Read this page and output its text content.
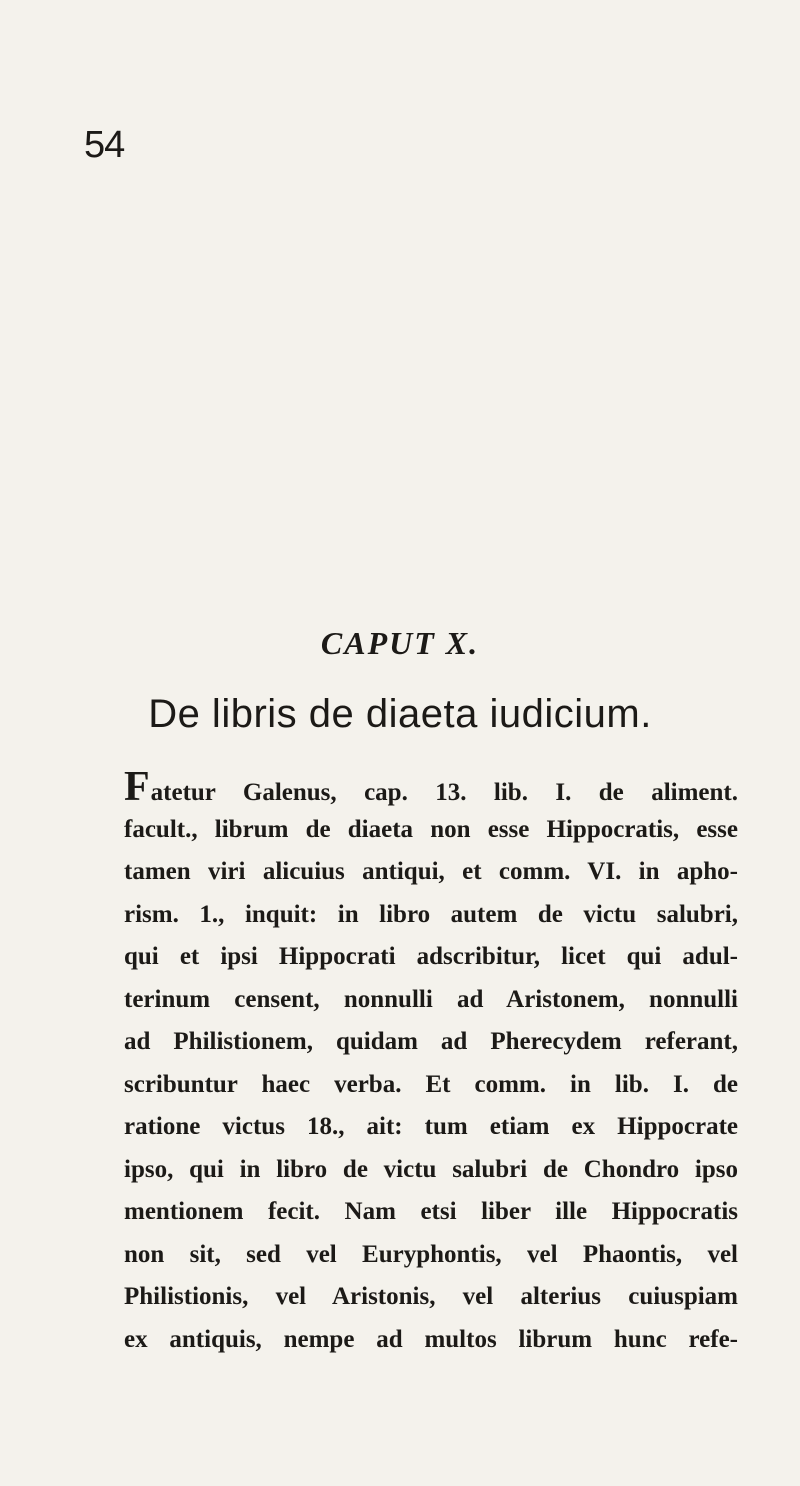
54
CAPUT X.
De libris de diaeta iudicium.
Fatetur Galenus, cap. 13. lib. I. de aliment.
facult., librum de diaeta non esse Hippocratis, esse
tamen viri alicuius antiqui, et comm. VI. in apho-
rism. 1., inquit: in libro autem de victu salubri,
qui et ipsi Hippocrati adscribitur, licet qui adul-
terinum censent, nonnulli ad Aristonem, nonnulli
ad Philistionem, quidam ad Pherecydem referant,
scribuntur haec verba. Et comm. in lib. I. de
ratione victus 18., ait: tum etiam ex Hippocrate
ipso, qui in libro de victu salubri de Chondro ipso
mentionem fecit. Nam etsi liber ille Hippocratis
non sit, sed vel Euryphontis, vel Phaontis, vel
Philistionis, vel Aristonis, vel alterius cuiuspiam
ex antiquis, nempe ad multos librum hunc refe-
